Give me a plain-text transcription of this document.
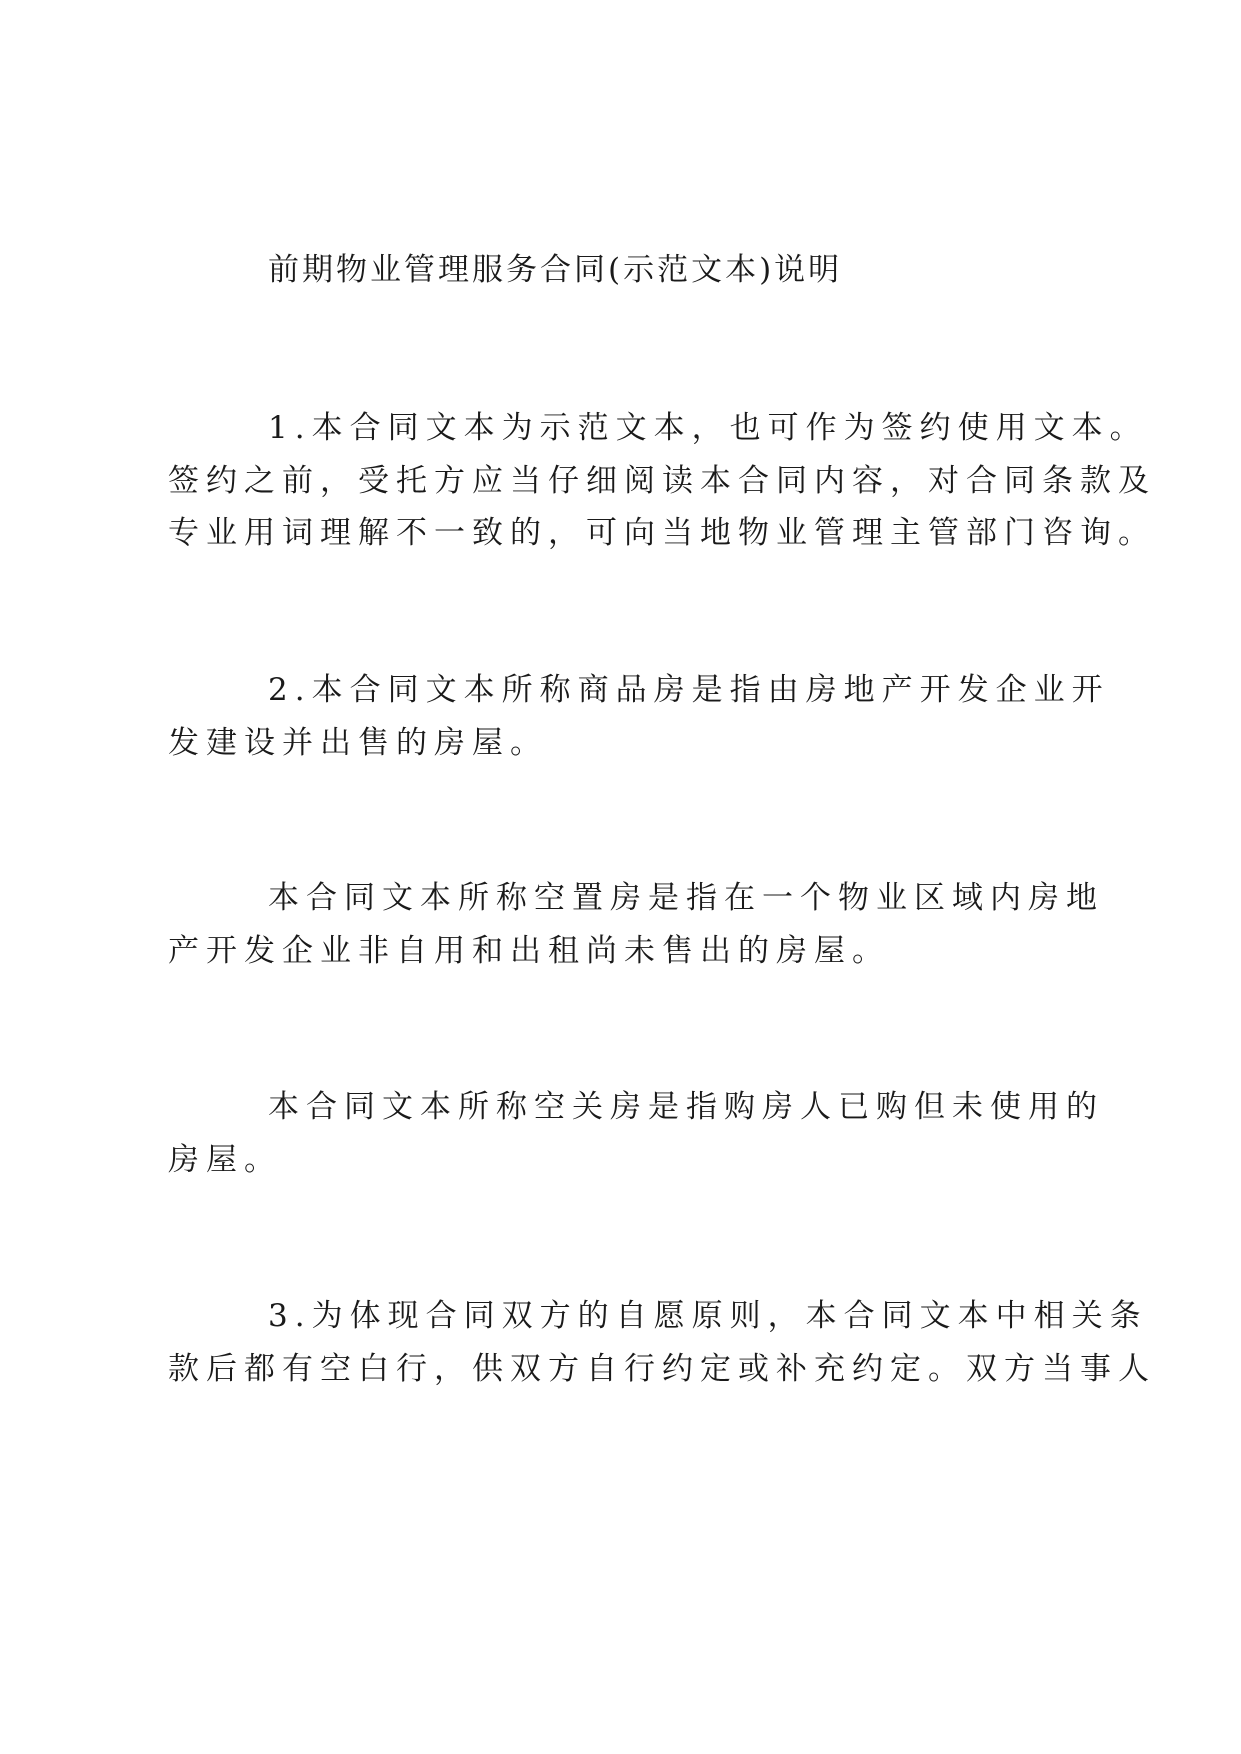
前期物业管理服务合同(示范文本)说明

1.本合同文本为示范文本，也可作为签约使用文本。

签约之前，受托方应当仔细阅读本合同内容，对合同条款及

专业用词理解不一致的，可向当地物业管理主管部门咨询。

2.本合同文本所称商品房是指由房地产开发企业开

发建设并出售的房屋。

本合同文本所称空置房是指在一个物业区域内房地

产开发企业非自用和出租尚未售出的房屋。

本合同文本所称空关房是指购房人已购但未使用的

房屋。

3.为体现合同双方的自愿原则，本合同文本中相关条

款后都有空白行，供双方自行约定或补充约定。双方当事人
